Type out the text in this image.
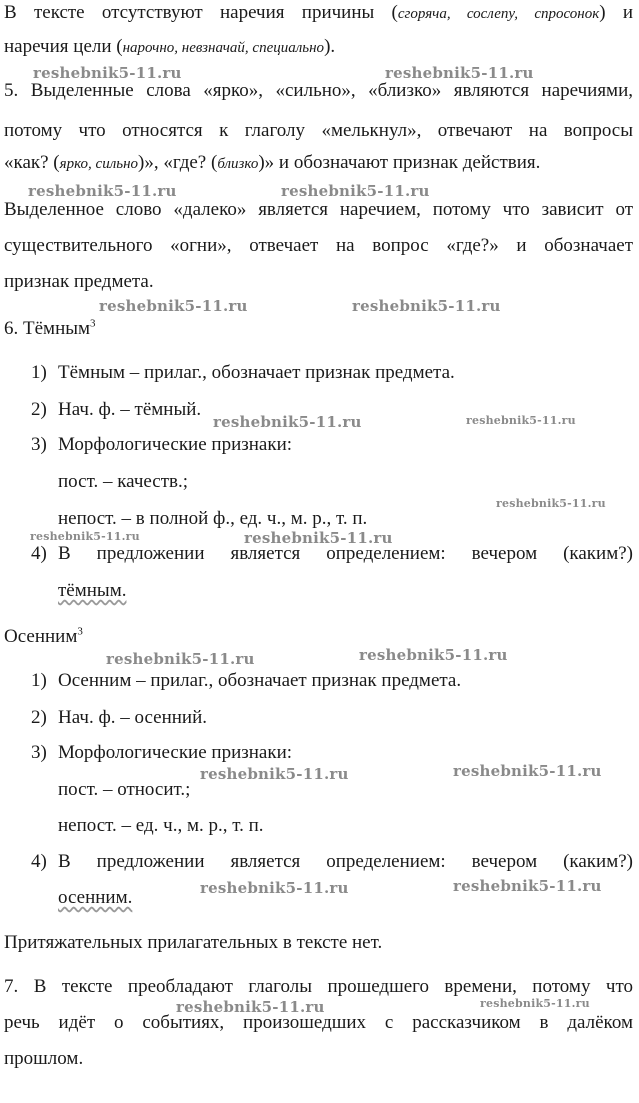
В тексте отсутствуют наречия причины (сгоряча, сослепу, спросонок) и
наречия цели (нарочно, невзначай, специально).
5. Выделенные слова «ярко», «сильно», «близко» являются наречиями,
потому что относятся к глаголу «мелькнул», отвечают на вопросы
«как? (ярко, сильно)», «где? (близко)» и обозначают признак действия.
Выделенное слово «далеко» является наречием, потому что зависит от
существительного «огни», отвечает на вопрос «где?» и обозначает
признак предмета.
6. Тёмным$^3$
1) Тёмным – прилаг., обозначает признак предмета.
2) Нач. ф. – тёмный.
3) Морфологические признаки:
пост. – качеств.;
непост. – в полной ф., ед. ч., м. р., т. п.
4) В предложении является определением: вечером (каким?)
тёмным.
Осенним$^3$
1) Осенним – прилаг., обозначает признак предмета.
2) Нач. ф. – осенний.
3) Морфологические признаки:
пост. – относит.;
непост. – ед. ч., м. р., т. п.
4) В предложении является определением: вечером (каким?)
осенним.
Притяжательных прилагательных в тексте нет.
7. В тексте преобладают глаголы прошедшего времени, потому что
речь идёт о событиях, произошедших с рассказчиком в далёком
прошлом.
reshebnik5-11.ru	reshebnik5-11.ru
reshebnik5-11.ru	reshebnik5-11.ru
reshebnik5-11.ru	reshebnik5-11.ru
reshebnik5-11.ru	reshebnik5-11.ru
reshebnik5-11.ru
reshebnik5-11.ru	reshebnik5-11.ru
reshebnik5-11.ru	reshebnik5-11.ru
reshebnik5-11.ru	reshebnik5-11.ru
reshebnik5-11.ru	reshebnik5-11.ru
reshebnik5-11.ru	reshebnik5-11.ru
